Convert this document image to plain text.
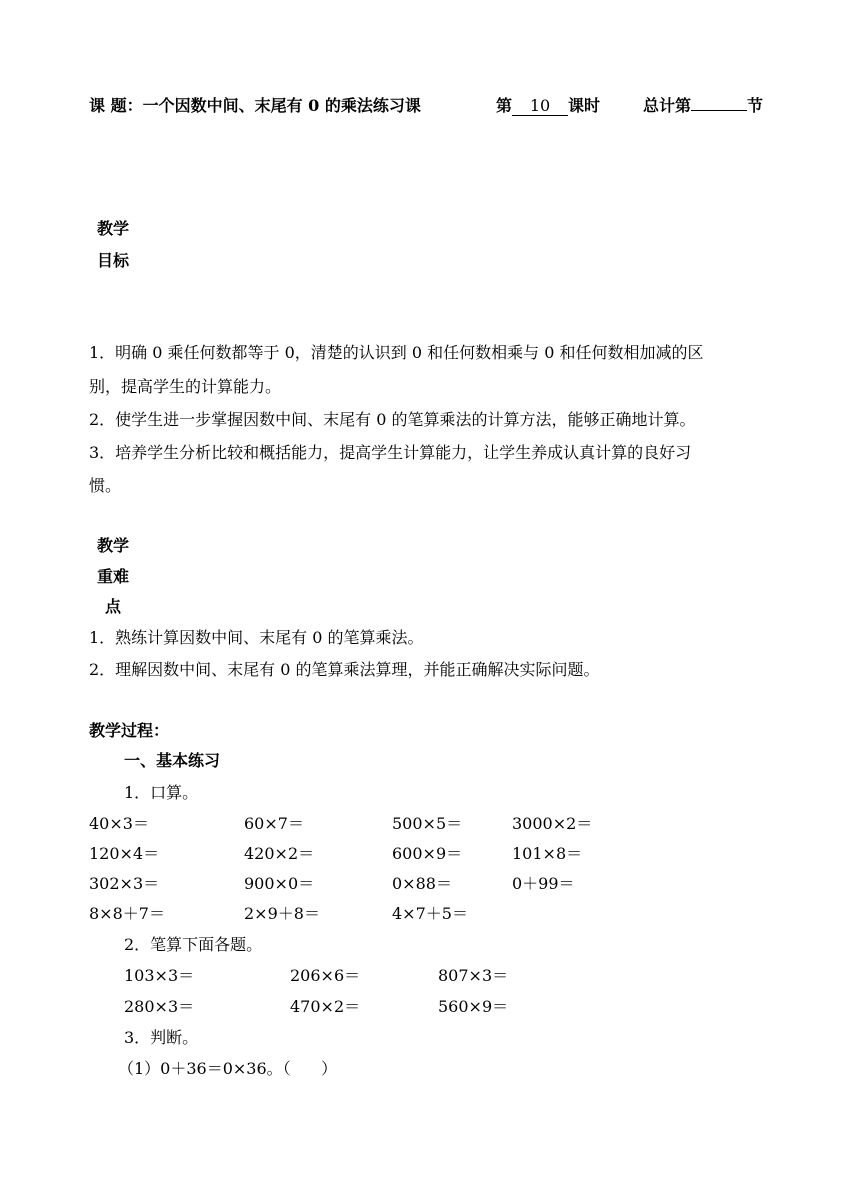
课 题：一个因数中间、末尾有 0 的乘法练习课	第 10 课时	总计第	节
教学
目标
1．明确 0 乘任何数都等于 0，清楚的认识到 0 和任何数相乘与 0 和任何数相加减的区
别，提高学生的计算能力。
2．使学生进一步掌握因数中间、末尾有 0 的笔算乘法的计算方法，能够正确地计算。
3．培养学生分析比较和概括能力，提高学生计算能力，让学生养成认真计算的良好习
惯。
教学
重难
点
1．熟练计算因数中间、末尾有 0 的笔算乘法。
2．理解因数中间、末尾有 0 的笔算乘法算理，并能正确解决实际问题。
教学过程：
一、基本练习
1．口算。
40×3＝	60×7＝	500×5＝	3000×2＝
120×4＝	420×2＝	600×9＝	101×8＝
302×3＝	900×0＝	0×88＝	0＋99＝
8×8＋7＝	2×9＋8＝	4×7＋5＝
2．笔算下面各题。
103×3＝	206×6＝	807×3＝
280×3＝	470×2＝	560×9＝
3．判断。
（1）0＋36＝0×36。（      ）
